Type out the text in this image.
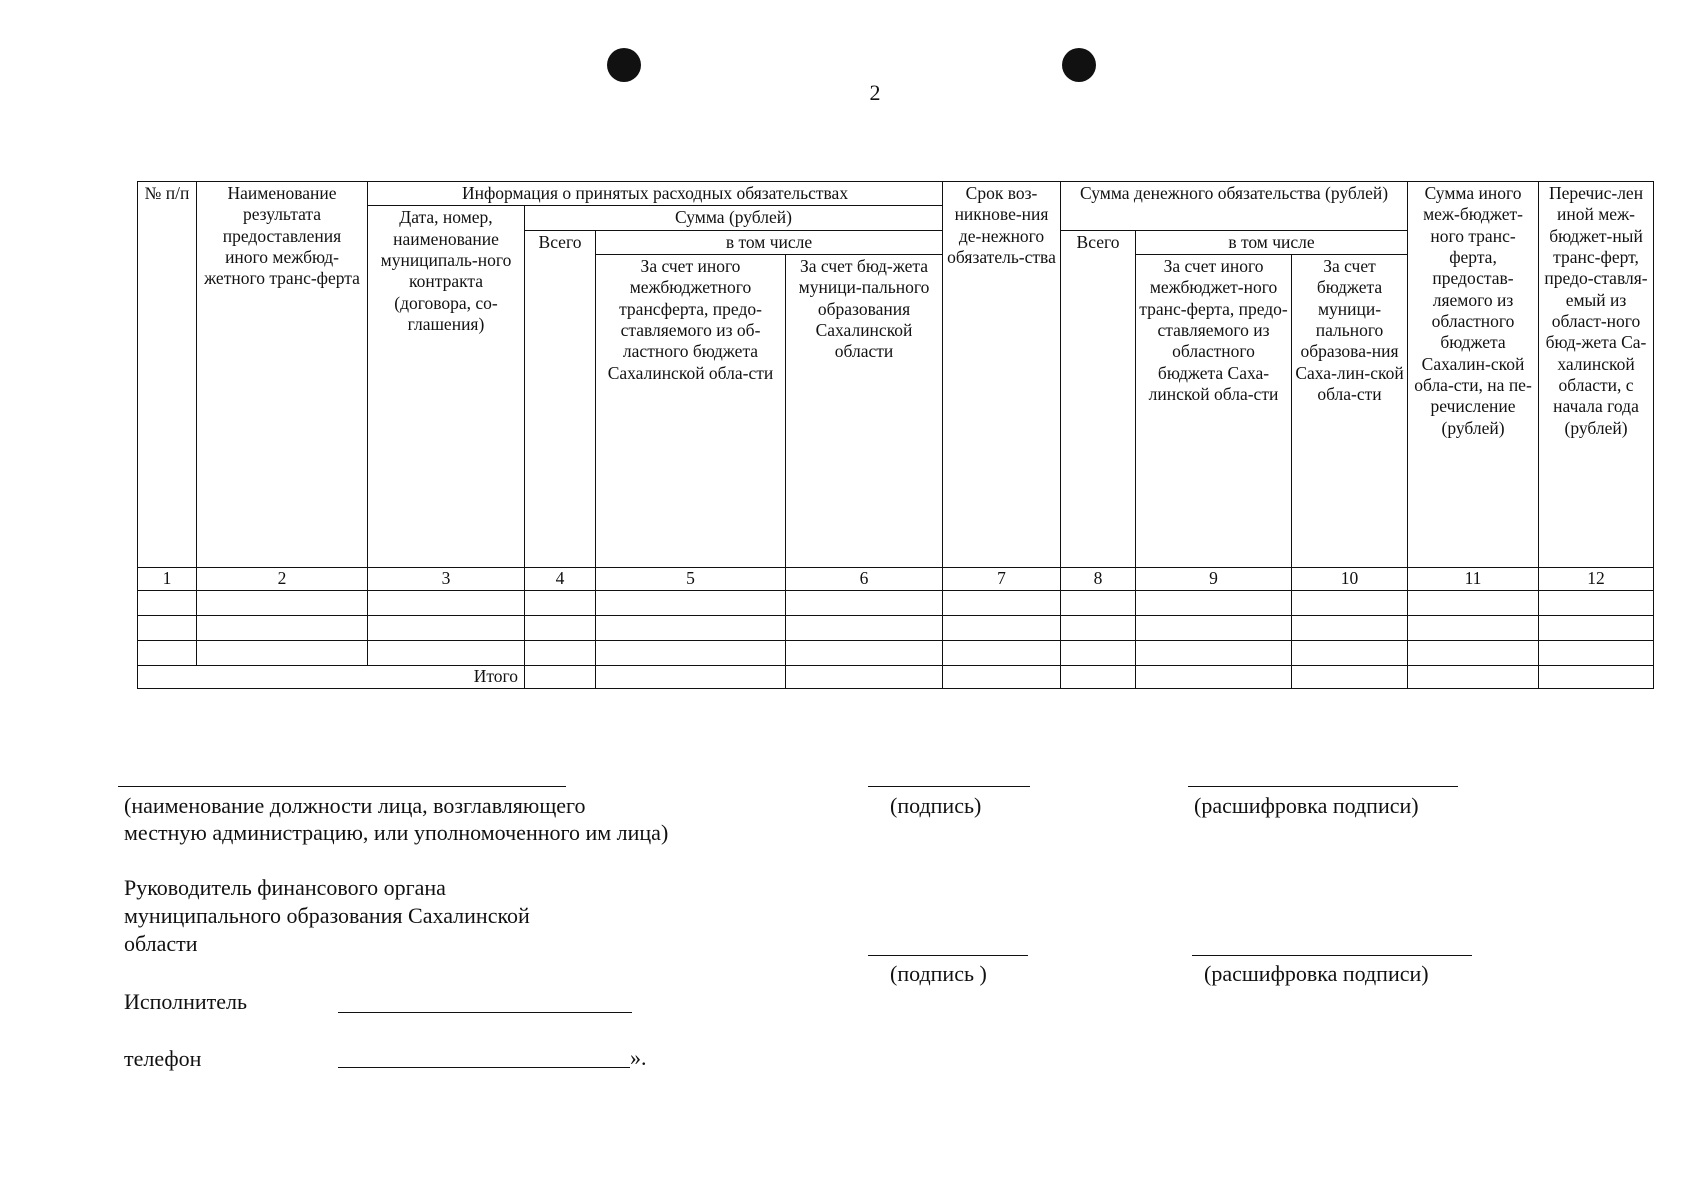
2
№ п/п	Наименование результата предоставления иного межбюд-жетного транс-ферта	Информация о принятых расходных обязательствах				Срок воз-никнове-ния де-нежного обязатель-ства	Сумма денежного обязательства (рублей)			Сумма иного меж-бюджет-ного транс-ферта, предостав-ляемого из областного бюджета Сахалин-ской обла-сти, на пе-речисление (рублей)	Перечис-лен иной меж-бюджет-ный транс-ферт, предо-ставля-емый из област-ного бюд-жета Са-халинской области, с начала года (рублей)
		Дата, номер, наименование муниципаль-ного контракта (договора, со-глашения)	Сумма (рублей)								
			Всего	в том числе			Всего	в том числе			
				За счет иного межбюджетного трансферта, предо-ставляемого из об-ластного бюджета Сахалинской обла-сти	За счет бюд-жета муници-пального образования Сахалинской области			За счет иного межбюджет-ного транс-ферта, предо-ставляемого из областного бюджета Саха-линской обла-сти	За счет бюджета муници-пального образова-ния Саха-лин-ской обла-сти		
1	2	3	4	5	6	7	8	9	10	11	12

Итого											
(наименование должности лица, возглавляющего
местную администрацию, или уполномоченного им лица)
(подпись)	(расшифровка подписи)
Руководитель финансового органа
муниципального образования Сахалинской
области
(подпись )	(расшифровка подписи)
Исполнитель
телефон	».
